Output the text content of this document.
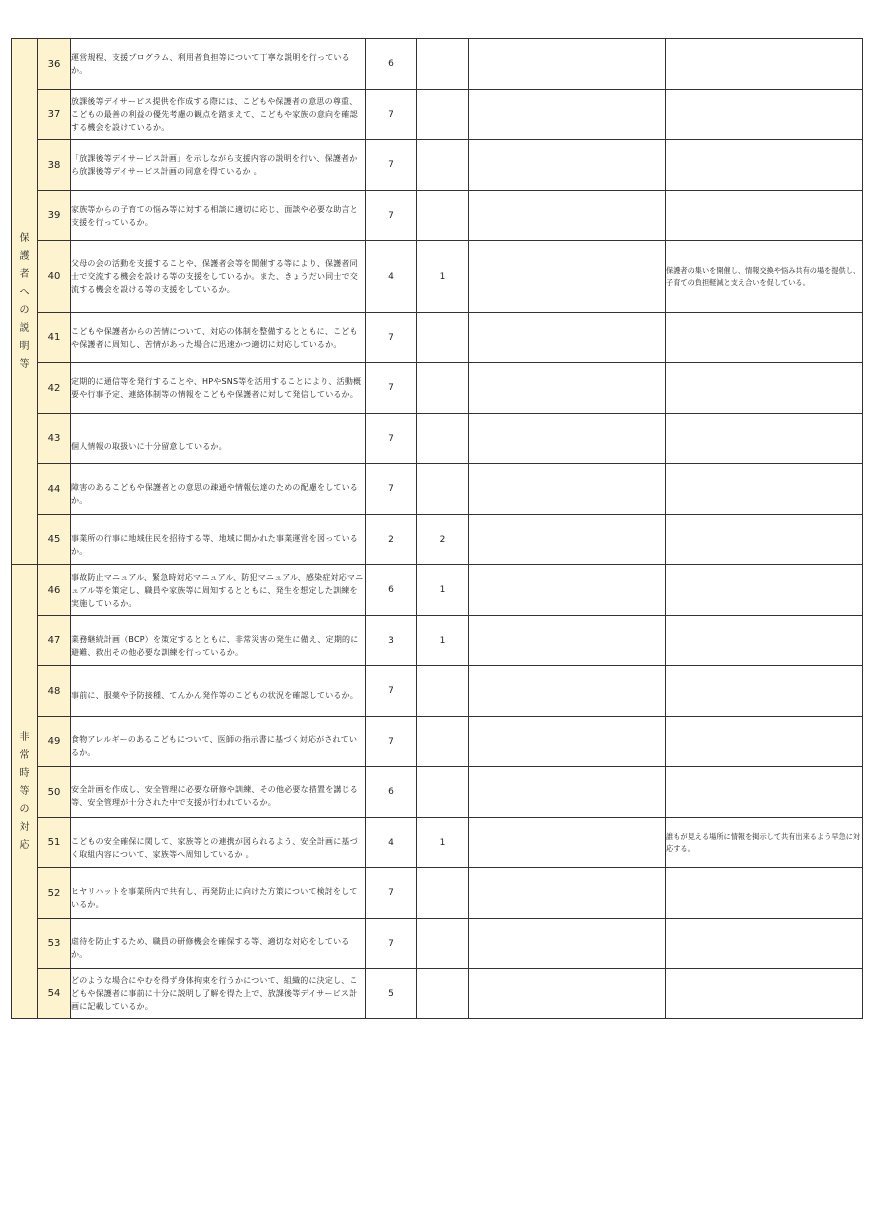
保護者への説明等	36	運営規程、支援プログラム、利用者負担等について丁寧な説明を行っているか。	6			
	37	放課後等デイサービス提供を作成する際には、こどもや保護者の意思の尊重、こどもの最善の利益の優先考慮の観点を踏まえて、こどもや家族の意向を確認する機会を設けているか。	7			
	38	「放課後等デイサービス計画」を示しながら支援内容の説明を行い、保護者から放課後等デイサービス計画の同意を得ているか 。	7			
	39	家族等からの子育ての悩み等に対する相談に適切に応じ、面談や必要な助言と支援を行っているか。	7			
	40	父母の会の活動を支援することや、保護者会等を開催する等により、保護者同士で交流する機会を設ける等の支援をしているか。また、きょうだい同士で交流する機会を設ける等の支援をしているか。	4	1		保護者の集いを開催し、情報交換や悩み共有の場を提供し、子育ての負担軽減と支え合いを促している。
	41	こどもや保護者からの苦情について、対応の体制を整備するとともに、こどもや保護者に周知し、苦情があった場合に迅速かつ適切に対応しているか。	7			
	42	定期的に通信等を発行することや、HPやSNS等を活用することにより、活動概要や行事予定、連絡体制等の情報をこどもや保護者に対して発信しているか。	7			
	43	個人情報の取扱いに十分留意しているか。	7			
	44	障害のあるこどもや保護者との意思の疎通や情報伝達のための配慮をしているか。	7			
	45	事業所の行事に地域住民を招待する等、地域に開かれた事業運営を図っているか。	2	2		
非常時等の対応	46	事故防止マニュアル、緊急時対応マニュアル、防犯マニュアル、感染症対応マニュアル等を策定し、職員や家族等に周知するとともに、発生を想定した訓練を実施しているか。	6	1		
	47	業務継続計画（BCP）を策定するとともに、非常災害の発生に備え、定期的に避難、救出その他必要な訓練を行っているか。	3	1		
	48	事前に、服薬や予防接種、てんかん発作等のこどもの状況を確認しているか。	7			
	49	食物アレルギーのあるこどもについて、医師の指示書に基づく対応がされているか。	7			
	50	安全計画を作成し、安全管理に必要な研修や訓練、その他必要な措置を講じる等、安全管理が十分された中で支援が行われているか。	6			
	51	こどもの安全確保に関して、家族等との連携が図られるよう、安全計画に基づく取組内容について、家族等へ周知しているか 。	4	1		誰もが見える場所に情報を掲示して共有出来るよう早急に対応する。
	52	ヒヤリハットを事業所内で共有し、再発防止に向けた方策について検討をしているか。	7			
	53	虐待を防止するため、職員の研修機会を確保する等、適切な対応をしているか。	7			
	54	どのような場合にやむを得ず身体拘束を行うかについて、組織的に決定し、こどもや保護者に事前に十分に説明し了解を得た上で、放課後等デイサービス計画に記載しているか。	5			
